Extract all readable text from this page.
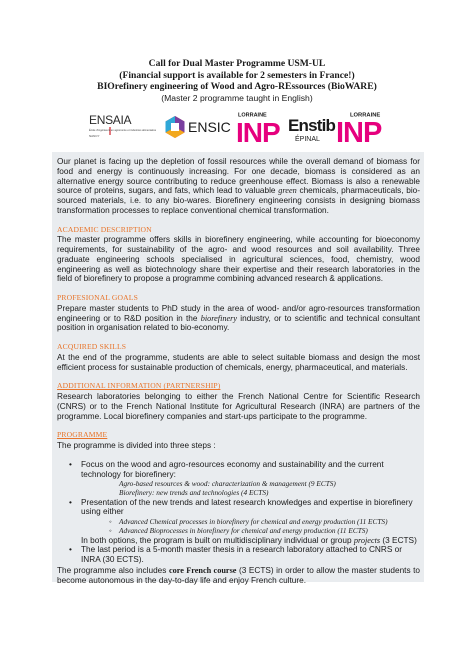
Call for Dual Master Programme USM-UL
(Financial support is available for 2 semesters in France!)
BIOrefinery engineering of Wood and Agro-REssources (BioWARE)
(Master 2 programme taught in English)
ENSAIA
École d'ingénieurs en agronomie et industries alimentaires
NANCY
ENSIC
LORRAINE
INP Enstib
ÉPINAL
LORRAINE
INP

Our planet is facing up the depletion of fossil resources while the overall demand of biomass for food and energy is continuously increasing. For one decade, biomass is considered as an alternative energy source contributing to reduce greenhouse effect. Biomass is also a renewable source of proteins, sugars, and fats, which lead to valuable green chemicals, pharmaceuticals, bio-sourced materials, i.e. to any bio-wares. Biorefinery engineering consists in designing biomass transformation processes to replace conventional chemical transformation.

ACADEMIC DESCRIPTION

The master programme offers skills in biorefinery engineering, while accounting for bioeconomy requirements, for sustainability of the agro- and wood resources and soil availability. Three graduate engineering schools specialised in agricultural sciences, food, chemistry, wood engineering as well as biotechnology share their expertise and their research laboratories in the field of biorefinery to propose a programme combining advanced research & applications.

PROFESIONAL GOALS

Prepare master students to PhD study in the area of wood- and/or agro-resources transformation engineering or to R&D position in the biorefinery industry, or to scientific and technical consultant position in organisation related to bio-economy.

ACQUIRED SKILLS

At the end of the programme, students are able to select suitable biomass and design the most efficient process for sustainable production of chemicals, energy, pharmaceutical, and materials.

ADDITIONAL INFORMATION (PARTNERSHIP)

Research laboratories belonging to either the French National Centre for Scientific Research (CNRS) or to the French National Institute for Agricultural Research (INRA) are partners of the programme. Local biorefinery companies and start-ups participate to the programme.

PROGRAMME

The programme is divided into three steps :

• Focus on the wood and agro-resources economy and sustainability and the current technology for biorefinery:
Agro-based resources & wood: characterization & management (9 ECTS)
Biorefinery: new trends and technologies (4 ECTS)
• Presentation of the new trends and latest research knowledges and expertise in biorefinery using either
◦ Advanced Chemical processes in biorefinery for chemical and energy production (11 ECTS)
◦ Advanced Bioprocesses in biorefinery for chemical and energy production (11 ECTS)
In both options, the program is built on multidisciplinary individual or group projects (3 ECTS)
• The last period is a 5-month master thesis in a research laboratory attached to CNRS or INRA (30 ECTS).

The programme also includes core French course (3 ECTS) in order to allow the master students to become autonomous in the day-to-day life and enjoy French culture.
